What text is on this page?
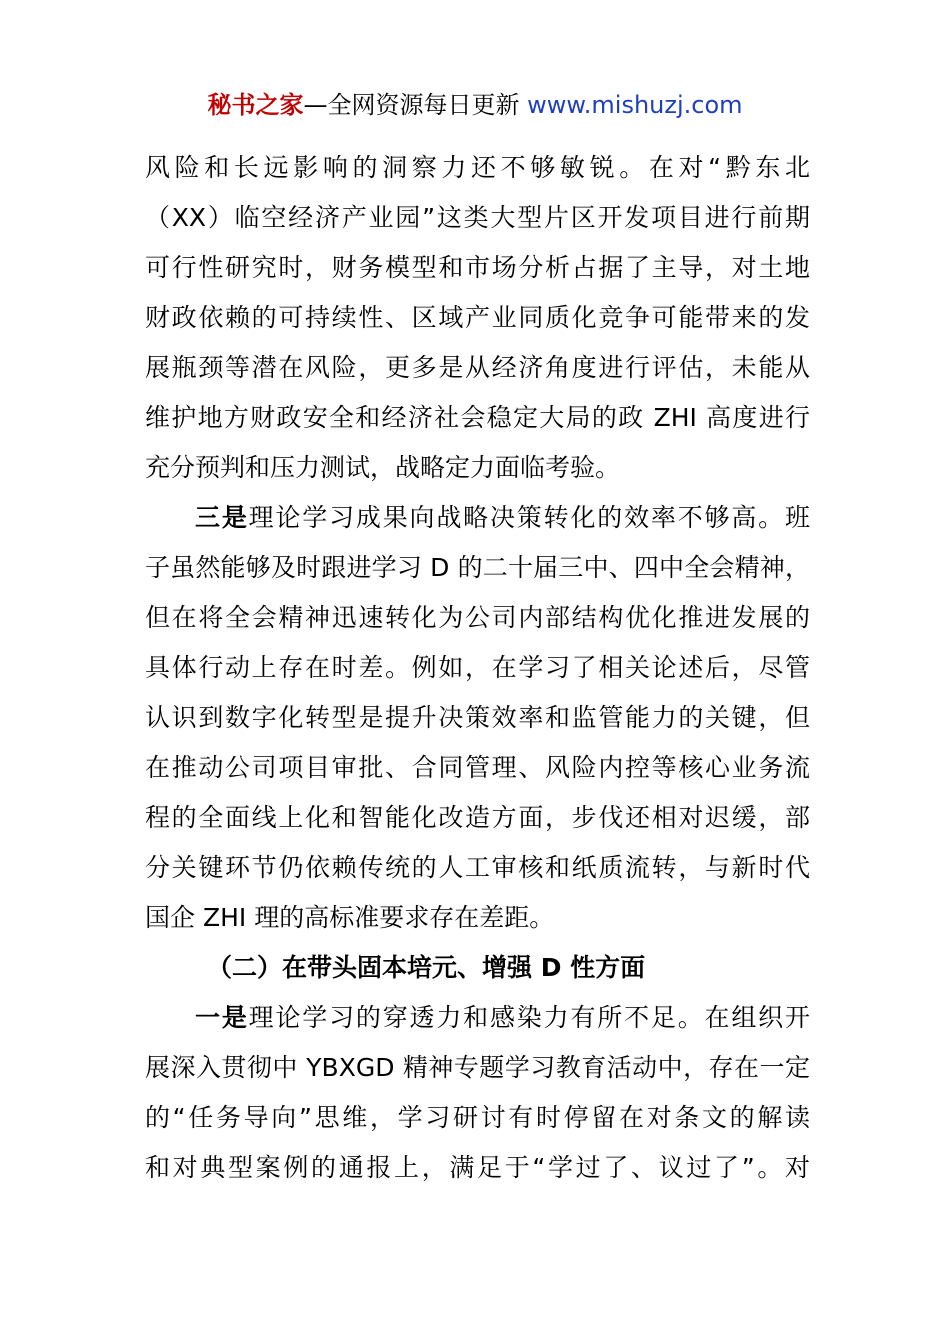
秘书之家—全网资源每日更新 www.mishuzj.com
风险和长远影响的洞察力还不够敏锐。在对“黔东北
（XX）临空经济产业园”这类大型片区开发项目进行前期
可行性研究时，财务模型和市场分析占据了主导，对土地
财政依赖的可持续性、区域产业同质化竞争可能带来的发
展瓶颈等潜在风险，更多是从经济角度进行评估，未能从
维护地方财政安全和经济社会稳定大局的政 ZHI 高度进行
充分预判和压力测试，战略定力面临考验。
三是理论学习成果向战略决策转化的效率不够高。班
子虽然能够及时跟进学习 D 的二十届三中、四中全会精神，
但在将全会精神迅速转化为公司内部结构优化推进发展的
具体行动上存在时差。例如，在学习了相关论述后，尽管
认识到数字化转型是提升决策效率和监管能力的关键，但
在推动公司项目审批、合同管理、风险内控等核心业务流
程的全面线上化和智能化改造方面，步伐还相对迟缓，部
分关键环节仍依赖传统的人工审核和纸质流转，与新时代
国企 ZHI 理的高标准要求存在差距。
（二）在带头固本培元、增强 D 性方面
一是理论学习的穿透力和感染力有所不足。在组织开
展深入贯彻中 YBXGD 精神专题学习教育活动中，存在一定
的“任务导向”思维，学习研讨有时停留在对条文的解读
和对典型案例的通报上，满足于“学过了、议过了”。对
